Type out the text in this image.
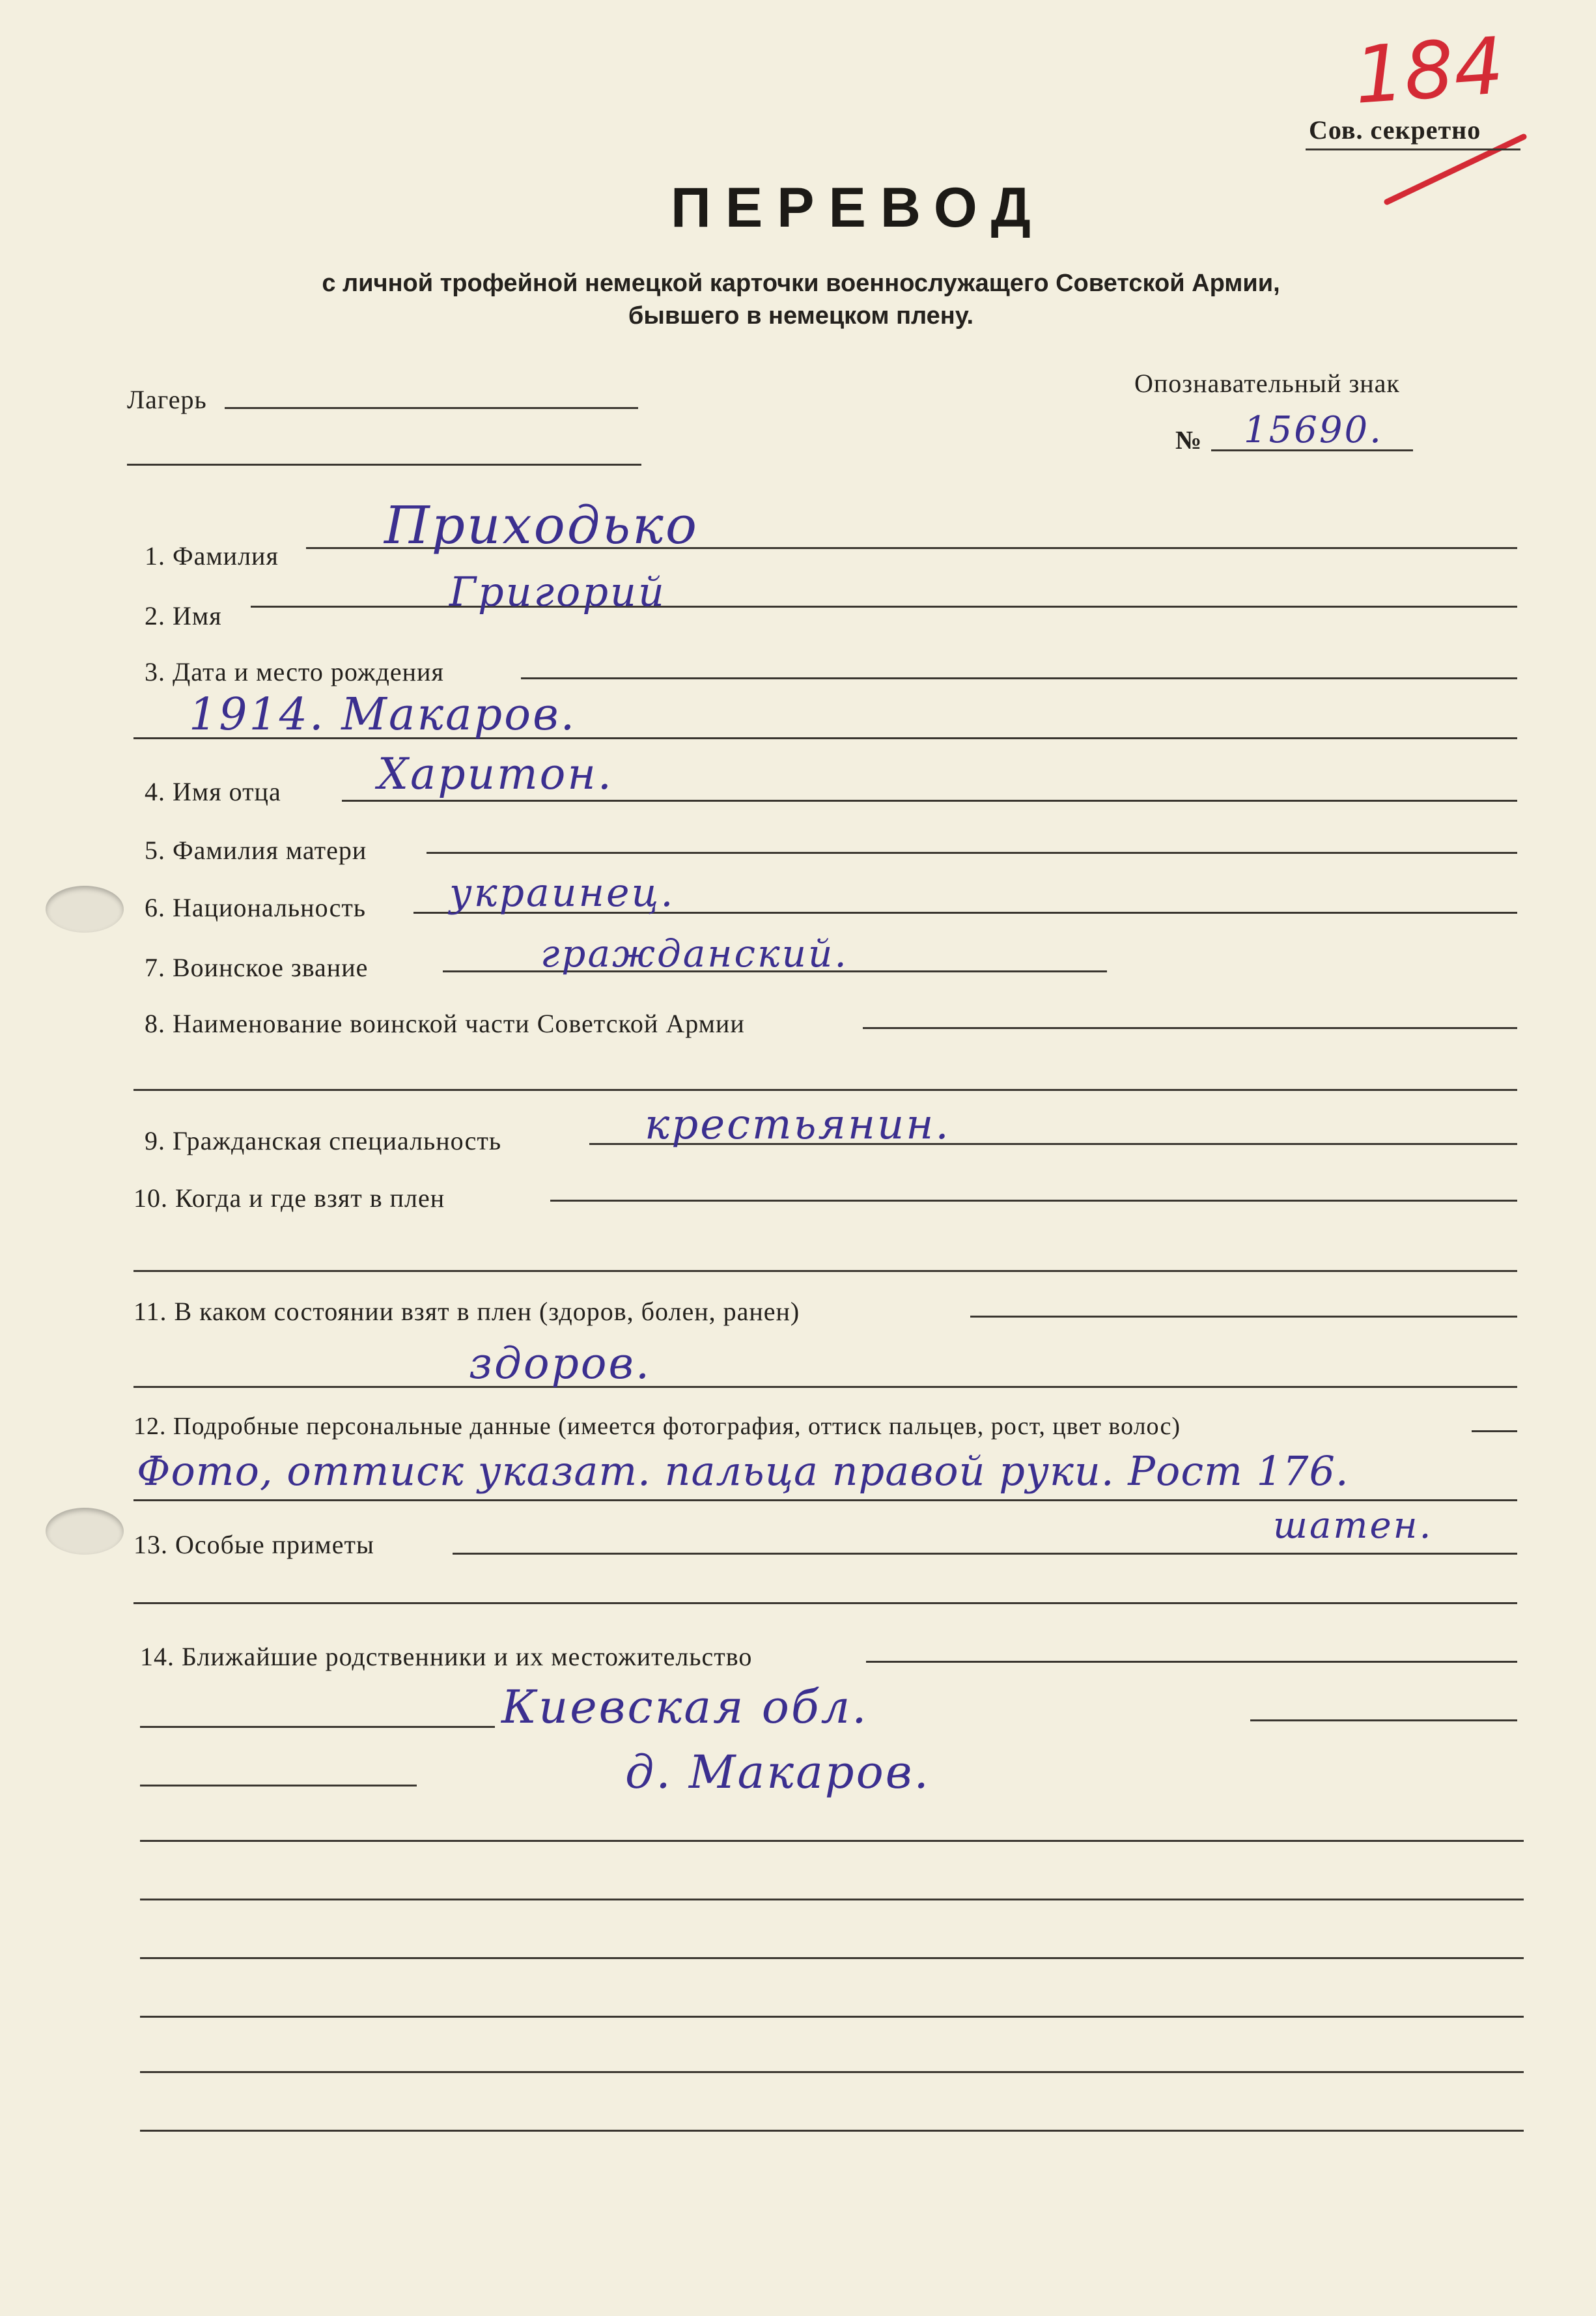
184
Сов. секретно
ПЕРЕВОД
с личной трофейной немецкой карточки военнослужащего Советской Армии,
бывшего в немецком плену.
Лагерь
Опознавательный знак
№ 15690.
1. Фамилия
Приходько
2. Имя
Григорий
3. Дата и место рождения
1914. Макаров.
4. Имя отца Харитон.
5. Фамилия матери
6. Национальность украинец.
7. Воинское звание	гражданский.
8. Наименование воинской части Советской Армии
9. Гражданская специальность	крестьянин.
10. Когда и где взят в плен
11. В каком состоянии взят в плен (здоров, болен, ранен)
здоров.
12. Подробные персональные данные (имеется фотография, оттиск пальцев, рост, цвет волос)
Фото, оттиск указат. пальца правой руки. Рост 176.
13. Особые приметы	шатен.
14. Ближайшие родственники и их местожительство
Киевская обл.
д. Макаров.
